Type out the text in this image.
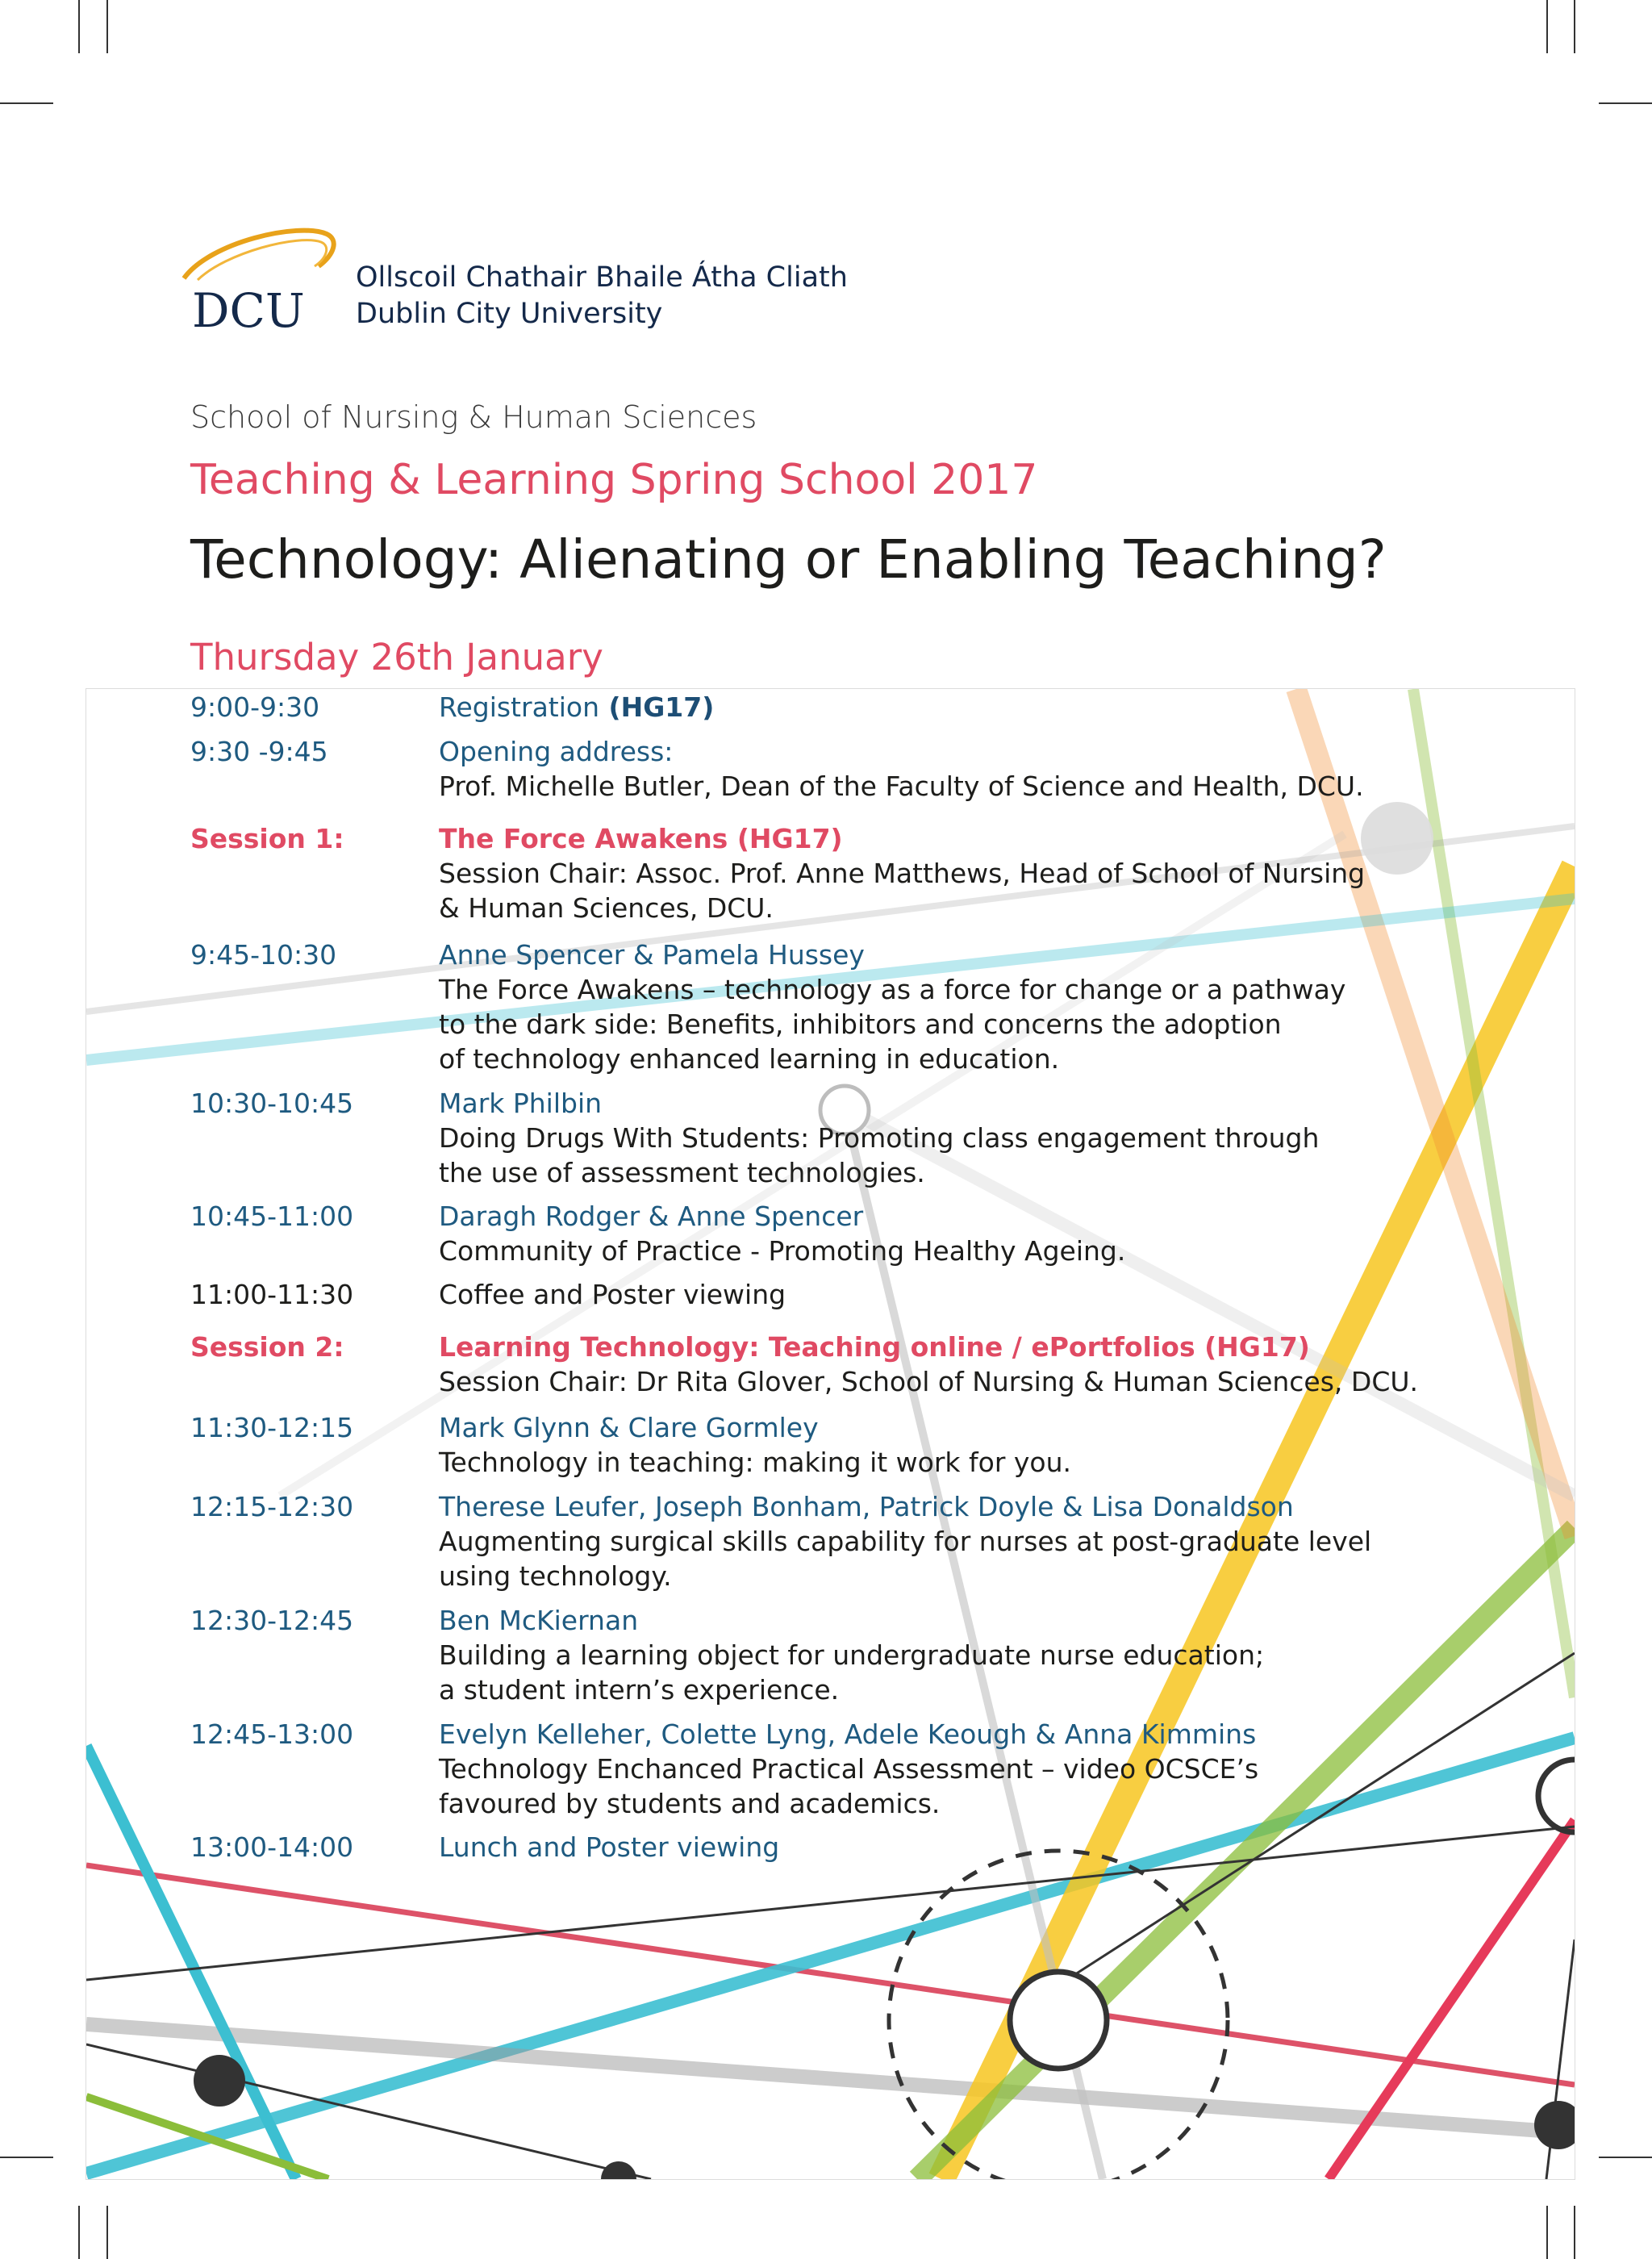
DCU
Ollscoil Chathair Bhaile Átha Cliath
Dublin City University
School of Nursing & Human Sciences
Teaching & Learning Spring School 2017
Technology: Alienating or Enabling Teaching?
Thursday 26th January
9:00-9:30	Registration (HG17)
9:30 -9:45	Opening address:
Prof. Michelle Butler, Dean of the Faculty of Science and Health, DCU.
Session 1:	The Force Awakens (HG17)
Session Chair: Assoc. Prof. Anne Matthews, Head of School of Nursing
& Human Sciences, DCU.
9:45-10:30	Anne Spencer & Pamela Hussey
The Force Awakens – technology as a force for change or a pathway
to the dark side: Benefits, inhibitors and concerns the adoption
of technology enhanced learning in education.
10:30-10:45	Mark Philbin
Doing Drugs With Students: Promoting class engagement through
the use of assessment technologies.
10:45-11:00	Daragh Rodger & Anne Spencer
Community of Practice - Promoting Healthy Ageing.
11:00-11:30	Coffee and Poster viewing
Session 2:	Learning Technology: Teaching online / ePortfolios (HG17)
Session Chair: Dr Rita Glover, School of Nursing & Human Sciences, DCU.
11:30-12:15	Mark Glynn & Clare Gormley
Technology in teaching: making it work for you.
12:15-12:30	Therese Leufer, Joseph Bonham, Patrick Doyle & Lisa Donaldson
Augmenting surgical skills capability for nurses at post-graduate level
using technology.
12:30-12:45	Ben McKiernan
Building a learning object for undergraduate nurse education;
a student intern’s experience.
12:45-13:00	Evelyn Kelleher, Colette Lyng, Adele Keough & Anna Kimmins
Technology Enchanced Practical Assessment – video OCSCE’s
favoured by students and academics.
13:00-14:00	Lunch and Poster viewing
